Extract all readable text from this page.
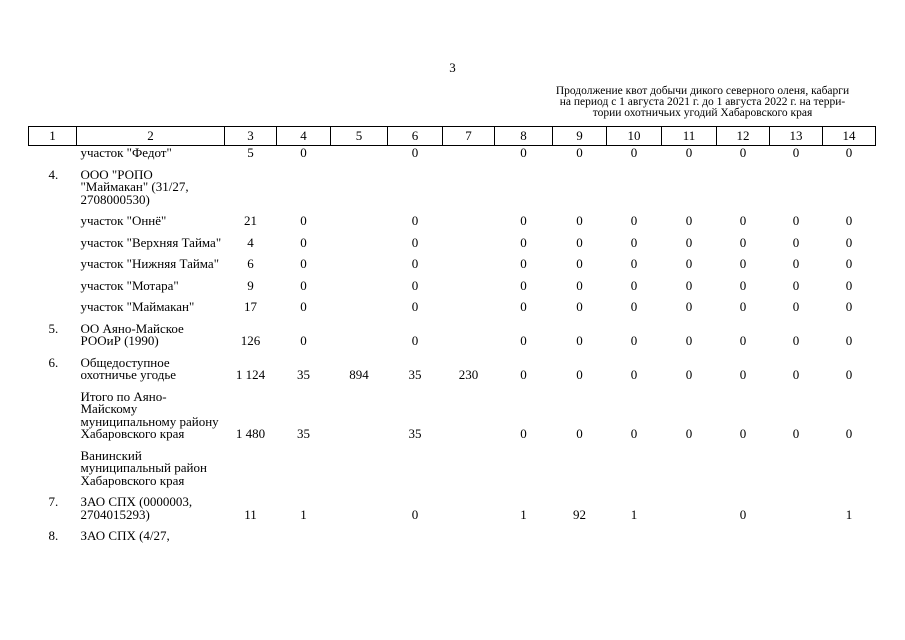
3
Продолжение квот добычи дикого северного оленя, кабарги
на период с 1 августа 2021 г. до 1 августа 2022 г. на терри-
тории охотничьих угодий Хабаровского края
1	2	3	4	5	6	7	8	9	10	11	12	13	14
	участок "Федот"	5	0		0		0	0	0	0	0	0	0
4.	ООО "РОПО "Маймакан" (31/27, 2708000530)												
	участок "Оннё"	21	0		0		0	0	0	0	0	0	0
	участок "Верхняя Тайма"	4	0		0		0	0	0	0	0	0	0
	участок "Нижняя Тайма"	6	0		0		0	0	0	0	0	0	0
	участок "Мотара"	9	0		0		0	0	0	0	0	0	0
	участок "Маймакан"	17	0		0		0	0	0	0	0	0	0
5.	ОО Аяно-Майское РООиР (1990)	126	0		0		0	0	0	0	0	0	0
6.	Общедоступное охотничье угодье	1 124	35	894	35	230	0	0	0	0	0	0	0
	Итого по Аяно-Майскому муниципальному району Хабаровского края	1 480	35		35		0	0	0	0	0	0	0
	Ванинский муниципальный район Хабаровского края												
7.	ЗАО СПХ (0000003, 2704015293)	11	1		0		1	92	1		0		1
8.	ЗАО СПХ (4/27,												
